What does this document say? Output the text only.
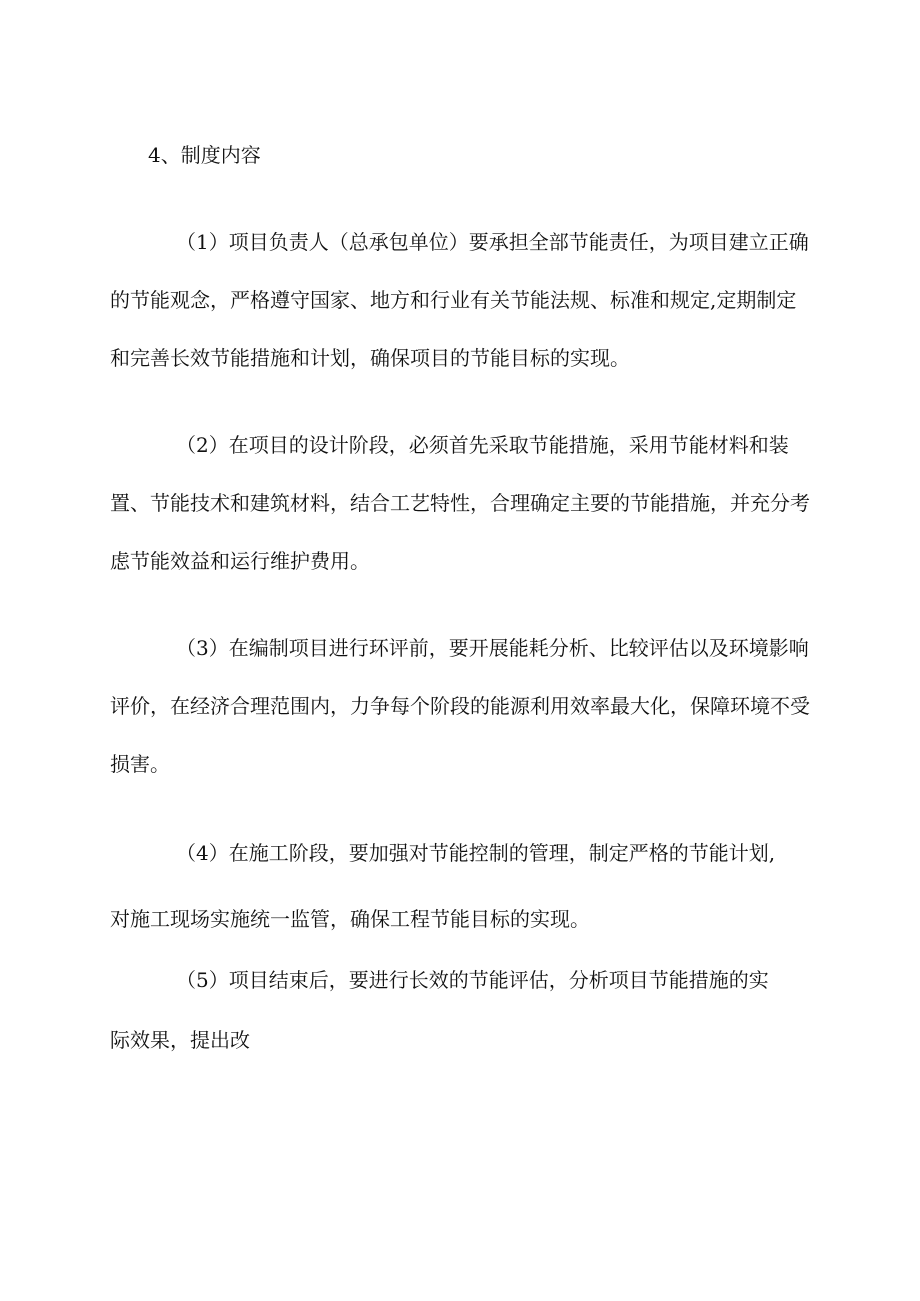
4、制度内容
（1）项目负责人（总承包单位）要承担全部节能责任，为项目建立正确
的节能观念，严格遵守国家、地方和行业有关节能法规、标准和规定,定期制定
和完善长效节能措施和计划，确保项目的节能目标的实现。
（2）在项目的设计阶段，必须首先采取节能措施，采用节能材料和装
置、节能技术和建筑材料，结合工艺特性，合理确定主要的节能措施，并充分考
虑节能效益和运行维护费用。
（3）在编制项目进行环评前，要开展能耗分析、比较评估以及环境影响
评价，在经济合理范围内，力争每个阶段的能源利用效率最大化，保障环境不受
损害。
（4）在施工阶段，要加强对节能控制的管理，制定严格的节能计划,
对施工现场实施统一监管，确保工程节能目标的实现。
（5）项目结束后，要进行长效的节能评估，分析项目节能措施的实
际效果，提出改
